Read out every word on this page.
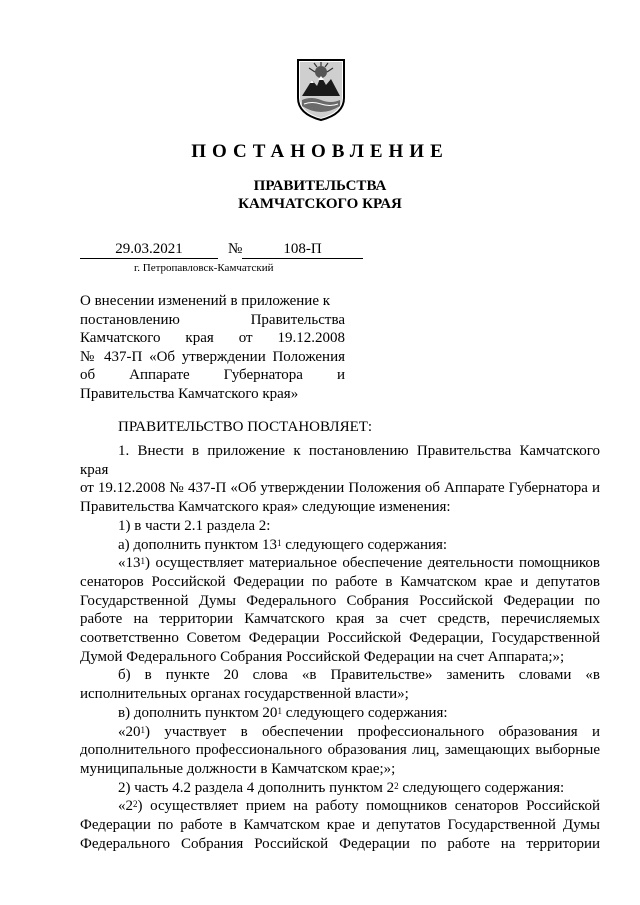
ПОСТАНОВЛЕНИЕ
ПРАВИТЕЛЬСТВА
КАМЧАТСКОГО КРАЯ
29.03.2021	№	108-П
г. Петропавловск-Камчатский
О внесении изменений в приложение к
постановлению Правительства
Камчатского края от 19.12.2008
№ 437-П «Об утверждении Положения
об Аппарате Губернатора и
Правительства Камчатского края»
ПРАВИТЕЛЬСТВО ПОСТАНОВЛЯЕТ:

1. Внести в приложение к постановлению Правительства Камчатского края

от 19.12.2008 № 437-П «Об утверждении Положения об Аппарате Губернатора и

Правительства Камчатского края» следующие изменения:

1) в части 2.1 раздела 2:

а) дополнить пунктом $13^1$ следующего содержания:

«$13^1$) осуществляет материальное обеспечение деятельности помощников

сенаторов Российской Федерации по работе в Камчатском крае и депутатов

Государственной Думы Федерального Собрания Российской Федерации по

работе на территории Камчатского края за счет средств, перечисляемых

соответственно Советом Федерации Российской Федерации, Государственной

Думой Федерального Собрания Российской Федерации на счет Аппарата;»;

б) в пункте 20 слова «в Правительстве» заменить словами «в

исполнительных органах государственной власти»;

в) дополнить пунктом $20^1$ следующего содержания:

«$20^1$) участвует в обеспечении профессионального образования и

дополнительного профессионального образования лиц, замещающих выборные

муниципальные должности в Камчатском крае;»;

2) часть 4.2 раздела 4 дополнить пунктом $2^2$ следующего содержания:

«$2^2$) осуществляет прием на работу помощников сенаторов Российской

Федерации по работе в Камчатском крае и депутатов Государственной Думы

Федерального Собрания Российской Федерации по работе на территории
